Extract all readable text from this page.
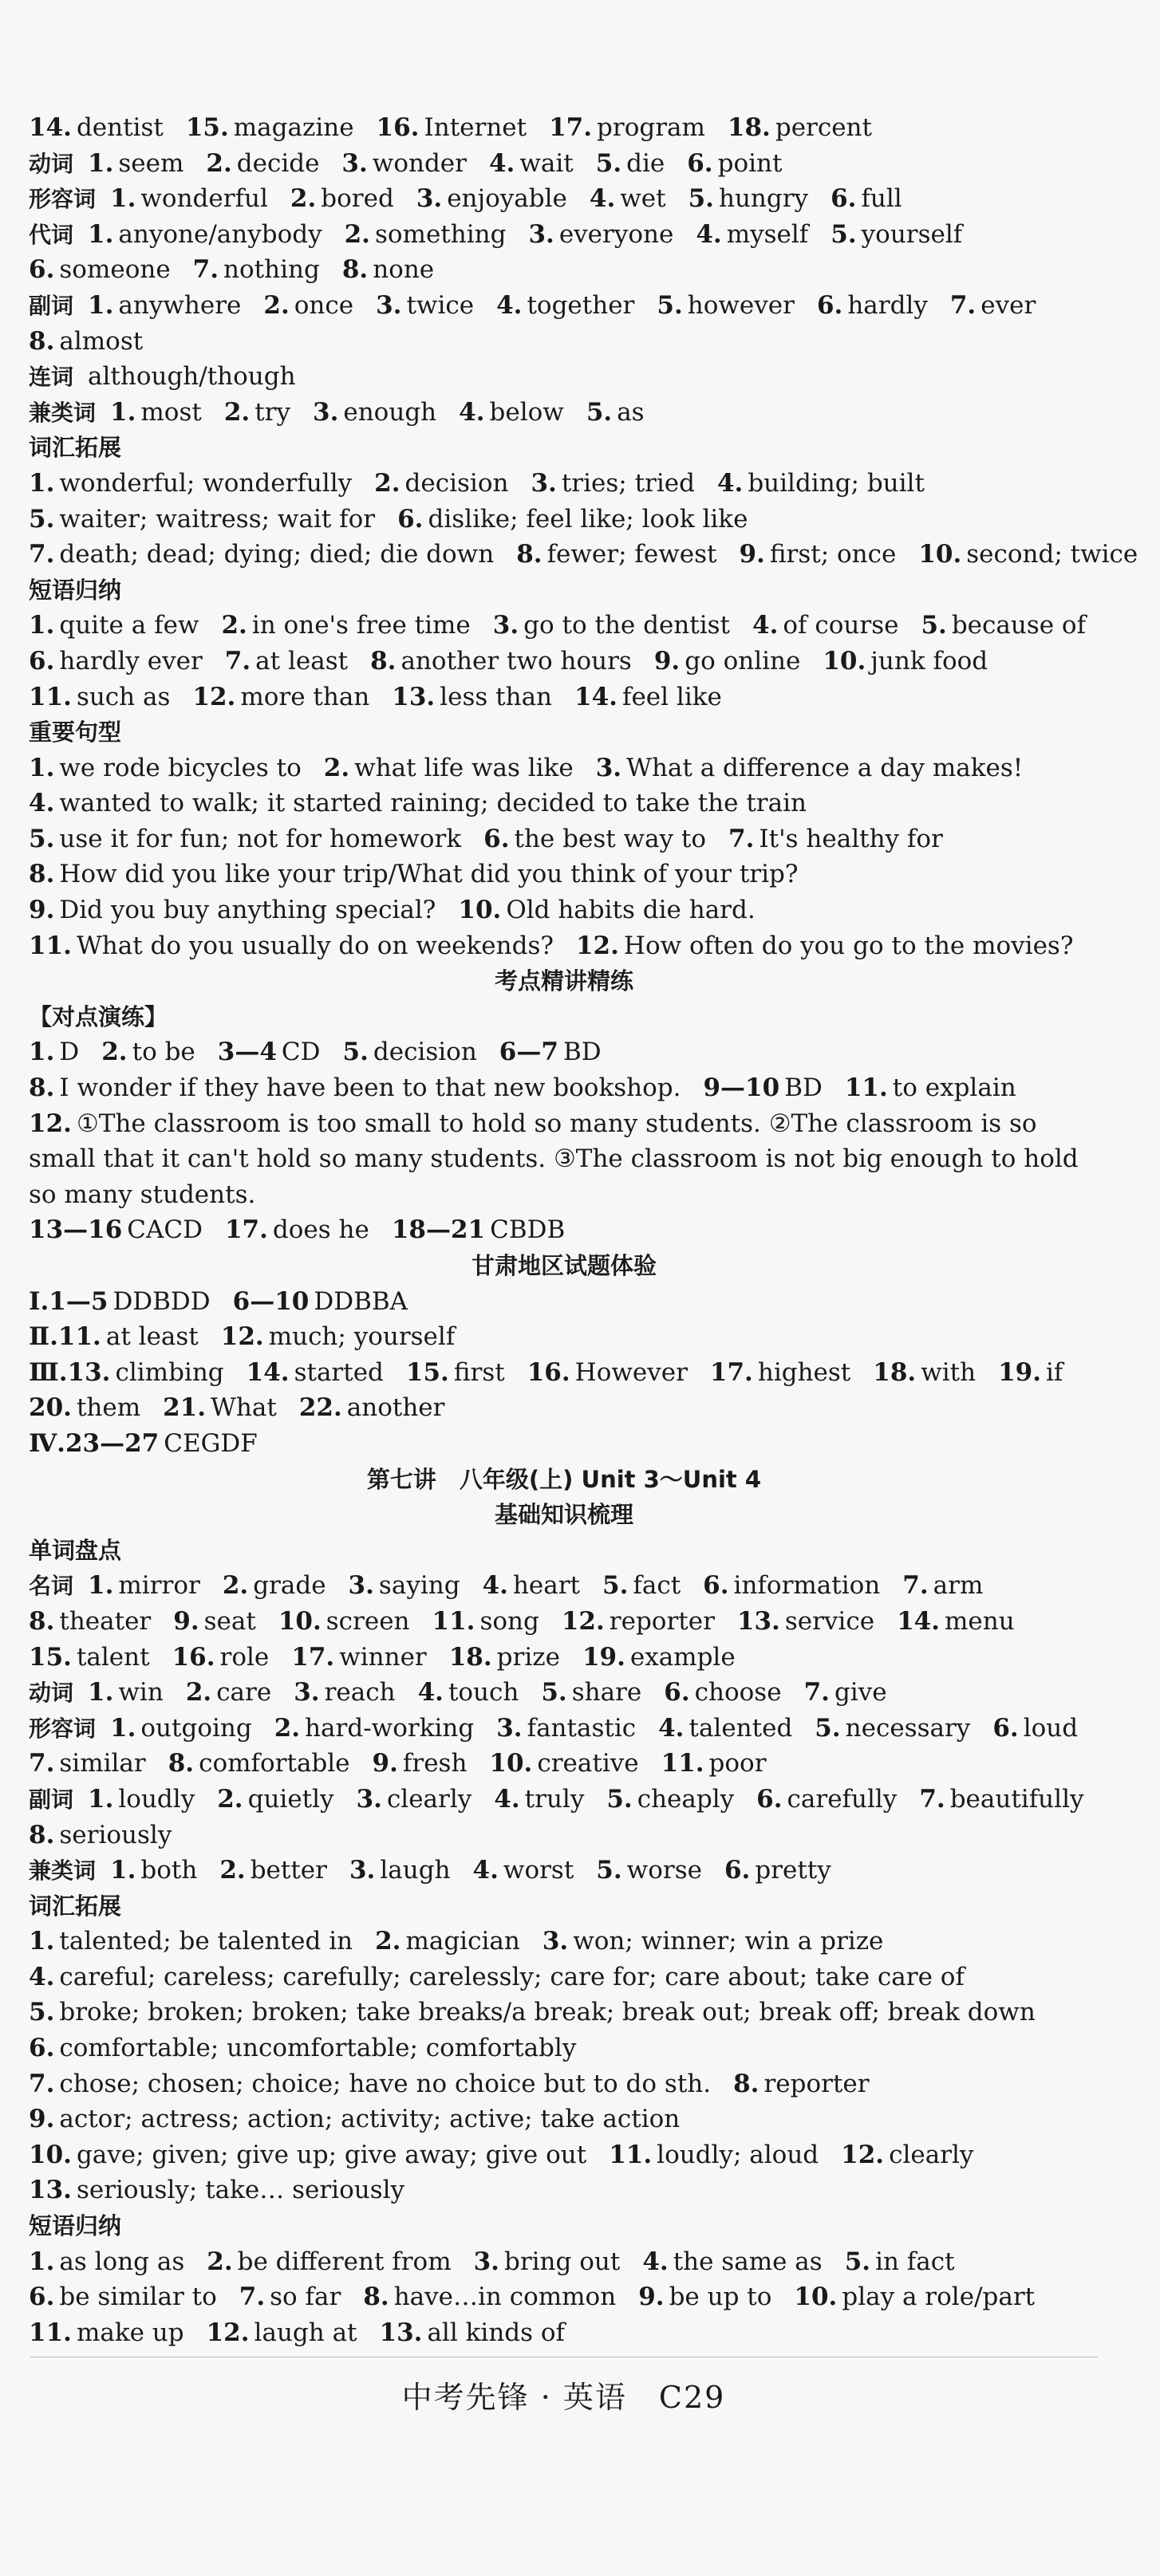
14. dentist 15. magazine 16. Internet 17. program 18. percent
动词 1. seem 2. decide 3. wonder 4. wait 5. die 6. point
形容词 1. wonderful 2. bored 3. enjoyable 4. wet 5. hungry 6. full
代词 1. anyone/anybody 2. something 3. everyone 4. myself 5. yourself
6. someone 7. nothing 8. none
副词 1. anywhere 2. once 3. twice 4. together 5. however 6. hardly 7. ever
8. almost
连词 although/though
兼类词 1. most 2. try 3. enough 4. below 5. as
词汇拓展
1. wonderful; wonderfully 2. decision 3. tries; tried 4. building; built
5. waiter; waitress; wait for 6. dislike; feel like; look like
7. death; dead; dying; died; die down 8. fewer; fewest 9. first; once 10. second; twice
短语归纳
1. quite a few 2. in one's free time 3. go to the dentist 4. of course 5. because of
6. hardly ever 7. at least 8. another two hours 9. go online 10. junk food
11. such as 12. more than 13. less than 14. feel like
重要句型
1. we rode bicycles to 2. what life was like 3. What a difference a day makes!
4. wanted to walk; it started raining; decided to take the train
5. use it for fun; not for homework 6. the best way to 7. It's healthy for
8. How did you like your trip/What did you think of your trip?
9. Did you buy anything special? 10. Old habits die hard.
11. What do you usually do on weekends? 12. How often do you go to the movies?
考点精讲精练
【对点演练】
1. D 2. to be 3—4 CD 5. decision 6—7 BD
8. I wonder if they have been to that new bookshop. 9—10 BD 11. to explain
12. ①The classroom is too small to hold so many students. ②The classroom is so small that it can't hold so many students. ③The classroom is not big enough to hold so many students.
13—16 CACD 17. does he 18—21 CBDB
甘肃地区试题体验
Ⅰ.1—5 DDBDD 6—10 DDBBA
Ⅱ.11. at least 12. much; yourself
Ⅲ.13. climbing 14. started 15. first 16. However 17. highest 18. with 19. if
20. them 21. What 22. another
Ⅳ.23—27 CEGDF
第七讲　八年级(上) Unit 3～Unit 4
基础知识梳理
单词盘点
名词 1. mirror 2. grade 3. saying 4. heart 5. fact 6. information 7. arm
8. theater 9. seat 10. screen 11. song 12. reporter 13. service 14. menu
15. talent 16. role 17. winner 18. prize 19. example
动词 1. win 2. care 3. reach 4. touch 5. share 6. choose 7. give
形容词 1. outgoing 2. hard-working 3. fantastic 4. talented 5. necessary 6. loud
7. similar 8. comfortable 9. fresh 10. creative 11. poor
副词 1. loudly 2. quietly 3. clearly 4. truly 5. cheaply 6. carefully 7. beautifully
8. seriously
兼类词 1. both 2. better 3. laugh 4. worst 5. worse 6. pretty
词汇拓展
1. talented; be talented in 2. magician 3. won; winner; win a prize
4. careful; careless; carefully; carelessly; care for; care about; take care of
5. broke; broken; broken; take breaks/a break; break out; break off; break down
6. comfortable; uncomfortable; comfortably
7. chose; chosen; choice; have no choice but to do sth. 8. reporter
9. actor; actress; action; activity; active; take action
10. gave; given; give up; give away; give out 11. loudly; aloud 12. clearly
13. seriously; take… seriously
短语归纳
1. as long as 2. be different from 3. bring out 4. the same as 5. in fact
6. be similar to 7. so far 8. have…in common 9. be up to 10. play a role/part
11. make up 12. laugh at 13. all kinds of
中考先锋 · 英语　C29
